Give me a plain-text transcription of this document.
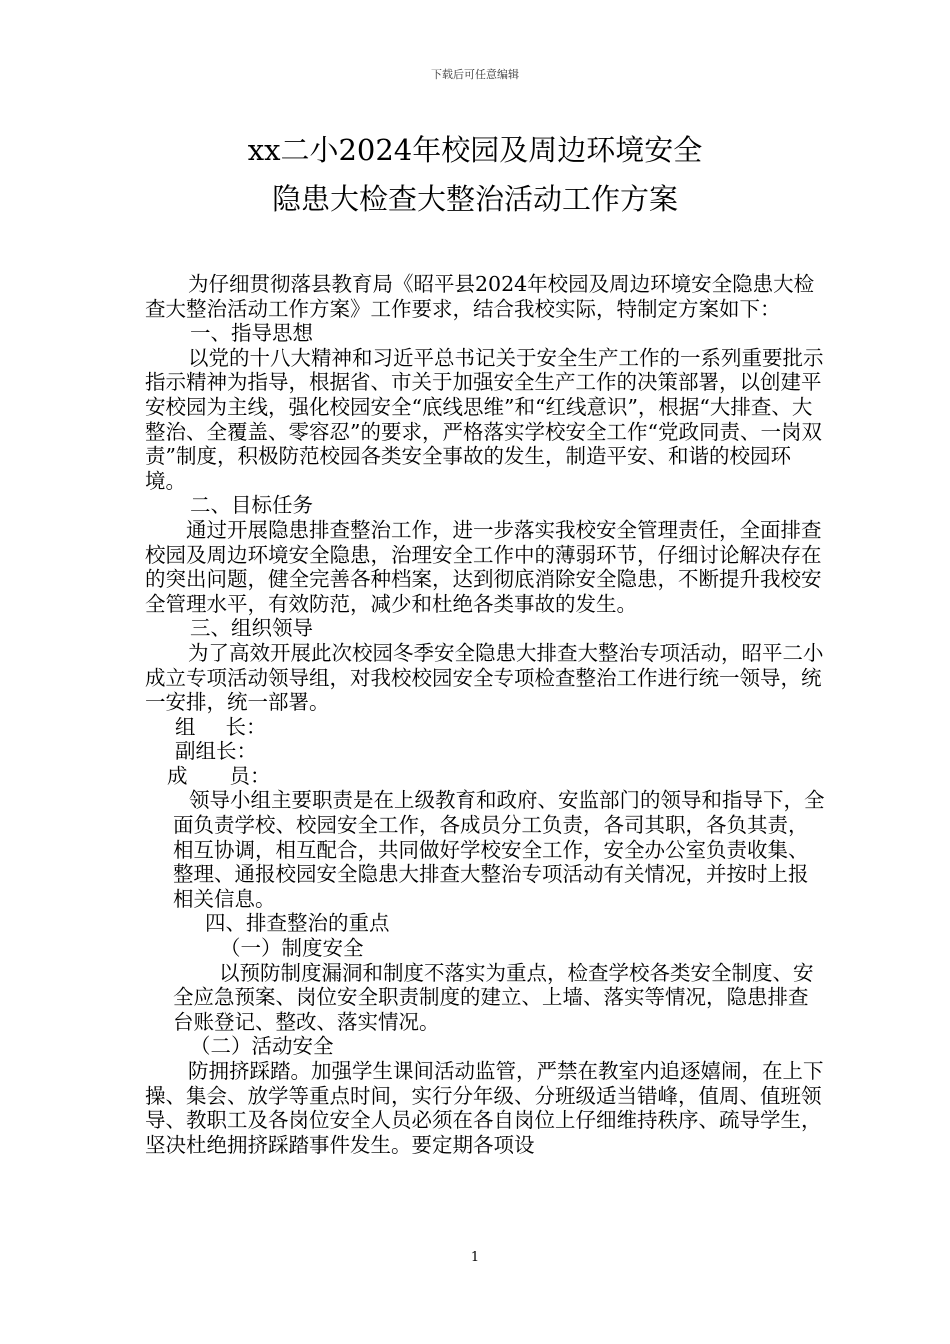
下载后可任意编辑
xx二小2024年校园及周边环境安全
隐患大检查大整治活动工作方案

为仔细贯彻落县教育局《昭平县2024年校园及周边环境安全隐患大检查大整治活动工作方案》工作要求，结合我校实际，特制定方案如下：

一、指导思想

以党的十八大精神和习近平总书记关于安全生产工作的一系列重要批示指示精神为指导，根据省、市关于加强安全生产工作的决策部署，以创建平安校园为主线，强化校园安全“底线思维”和“红线意识”，根据“大排查、大整治、全覆盖、零容忍”的要求，严格落实学校安全工作“党政同责、一岗双责”制度，积极防范校园各类安全事故的发生，制造平安、和谐的校园环境。

二、目标任务

通过开展隐患排查整治工作，进一步落实我校安全管理责任，全面排查校园及周边环境安全隐患，治理安全工作中的薄弱环节，仔细讨论解决存在的突出问题，健全完善各种档案，达到彻底消除安全隐患，不断提升我校安全管理水平，有效防范，减少和杜绝各类事故的发生。

三、组织领导

为了高效开展此次校园冬季安全隐患大排查大整治专项活动，昭平二小成立专项活动领导组，对我校校园安全专项检查整治工作进行统一领导，统一安排，统一部署。

组 长：

副组长：

成 员：

领导小组主要职责是在上级教育和政府、安监部门的领导和指导下，全面负责学校、校园安全工作，各成员分工负责，各司其职，各负其责，相互协调，相互配合，共同做好学校安全工作，安全办公室负责收集、整理、通报校园安全隐患大排查大整治专项活动有关情况，并按时上报相关信息。

四、排查整治的重点

（一）制度安全

以预防制度漏洞和制度不落实为重点，检查学校各类安全制度、安全应急预案、岗位安全职责制度的建立、上墙、落实等情况，隐患排查台账登记、整改、落实情况。

（二）活动安全

防拥挤踩踏。加强学生课间活动监管，严禁在教室内追逐嬉闹，在上下操、集会、放学等重点时间，实行分年级、分班级适当错峰，值周、值班领导、教职工及各岗位安全人员必须在各自岗位上仔细维持秩序、疏导学生，坚决杜绝拥挤踩踏事件发生。要定期各项设

1
